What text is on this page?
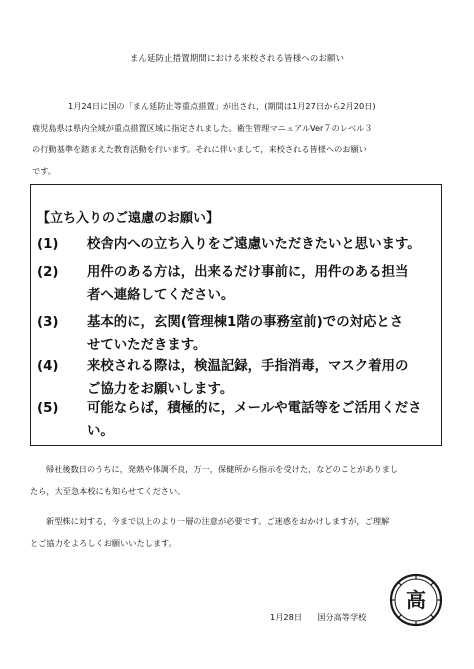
まん延防止措置期間における来校される皆様へのお願い
1月24日に国の「まん延防止等重点措置」が出され，(期間は1月27日から2月20日)
鹿児島県は県内全域が重点措置区域に指定されました。衛生管理マニュアルVer７のレベル３
の行動基準を踏まえた教育活動を行います。それに伴いまして，来校される皆様へのお願い
です。
【立ち入りのご遠慮のお願い】
(1) 校舎内への立ち入りをご遠慮いただきたいと思います。
(2) 用件のある方は，出来るだけ事前に，用件のある担当
者へ連絡してください。
(3) 基本的に，玄関(管理棟1階の事務室前)での対応とさ
せていただきます。
(4) 来校される際は，検温記録，手指消毒，マスク着用の
ご協力をお願いします。
(5) 可能ならば，積極的に，メールや電話等をご活用くださ
い。
帰社後数日のうちに，発熱や体調不良，万一，保健所から指示を受けた，などのことがありまし
たら，大至急本校にも知らせてください。
新型株に対する，今まで以上のより一層の注意が必要です。ご迷惑をおかけしますが，ご理解
とご協力をよろしくお願いいたします。
1月28日 国分高等学校
高
